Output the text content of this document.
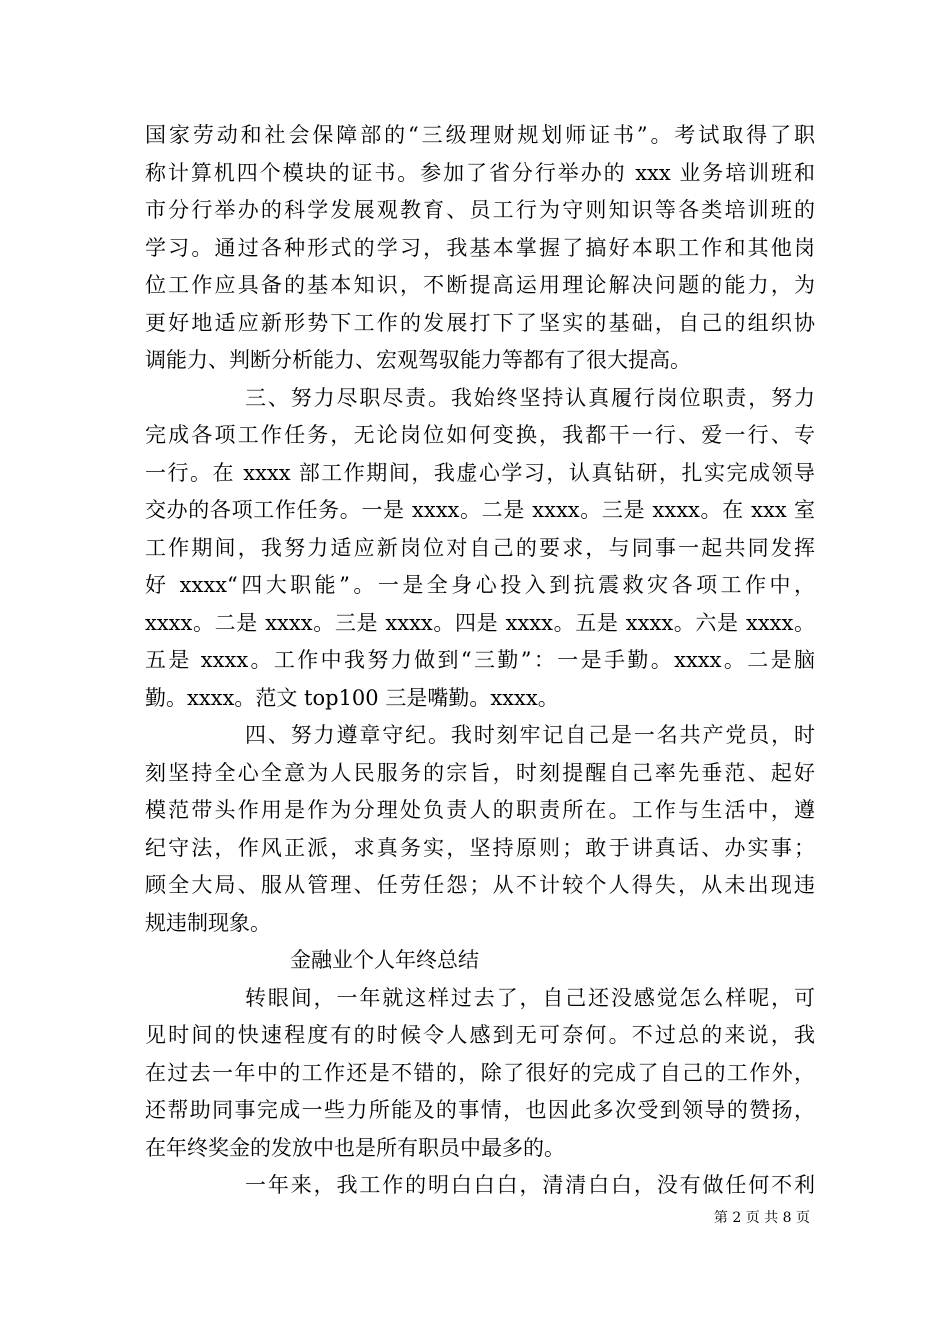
国家劳动和社会保障部的“三级理财规划师证书”。考试取得了职
称计算机四个模块的证书。参加了省分行举办的 xxx 业务培训班和
市分行举办的科学发展观教育、员工行为守则知识等各类培训班的
学习。通过各种形式的学习，我基本掌握了搞好本职工作和其他岗
位工作应具备的基本知识，不断提高运用理论解决问题的能力，为
更好地适应新形势下工作的发展打下了坚实的基础，自己的组织协
调能力、判断分析能力、宏观驾驭能力等都有了很大提高。
三、努力尽职尽责。我始终坚持认真履行岗位职责，努力
完成各项工作任务，无论岗位如何变换，我都干一行、爱一行、专
一行。在 xxxx 部工作期间，我虚心学习，认真钻研，扎实完成领导
交办的各项工作任务。一是 xxxx。二是 xxxx。三是 xxxx。在 xxx 室
工作期间，我努力适应新岗位对自己的要求，与同事一起共同发挥
好 xxxx“四大职能”。一是全身心投入到抗震救灾各项工作中，
xxxx。二是 xxxx。三是 xxxx。四是 xxxx。五是 xxxx。六是 xxxx。
五是 xxxx。工作中我努力做到“三勤”：一是手勤。xxxx。二是脑
勤。xxxx。范文 top100 三是嘴勤。xxxx。
四、努力遵章守纪。我时刻牢记自己是一名共产党员，时
刻坚持全心全意为人民服务的宗旨，时刻提醒自己率先垂范、起好
模范带头作用是作为分理处负责人的职责所在。工作与生活中，遵
纪守法，作风正派，求真务实，坚持原则；敢于讲真话、办实事；
顾全大局、服从管理、任劳任怨；从不计较个人得失，从未出现违
规违制现象。
金融业个人年终总结
转眼间，一年就这样过去了，自己还没感觉怎么样呢，可
见时间的快速程度有的时候令人感到无可奈何。不过总的来说，我
在过去一年中的工作还是不错的，除了很好的完成了自己的工作外，
还帮助同事完成一些力所能及的事情，也因此多次受到领导的赞扬，
在年终奖金的发放中也是所有职员中最多的。
一年来，我工作的明白白白，清清白白，没有做任何不利
第 2 页 共 8 页
